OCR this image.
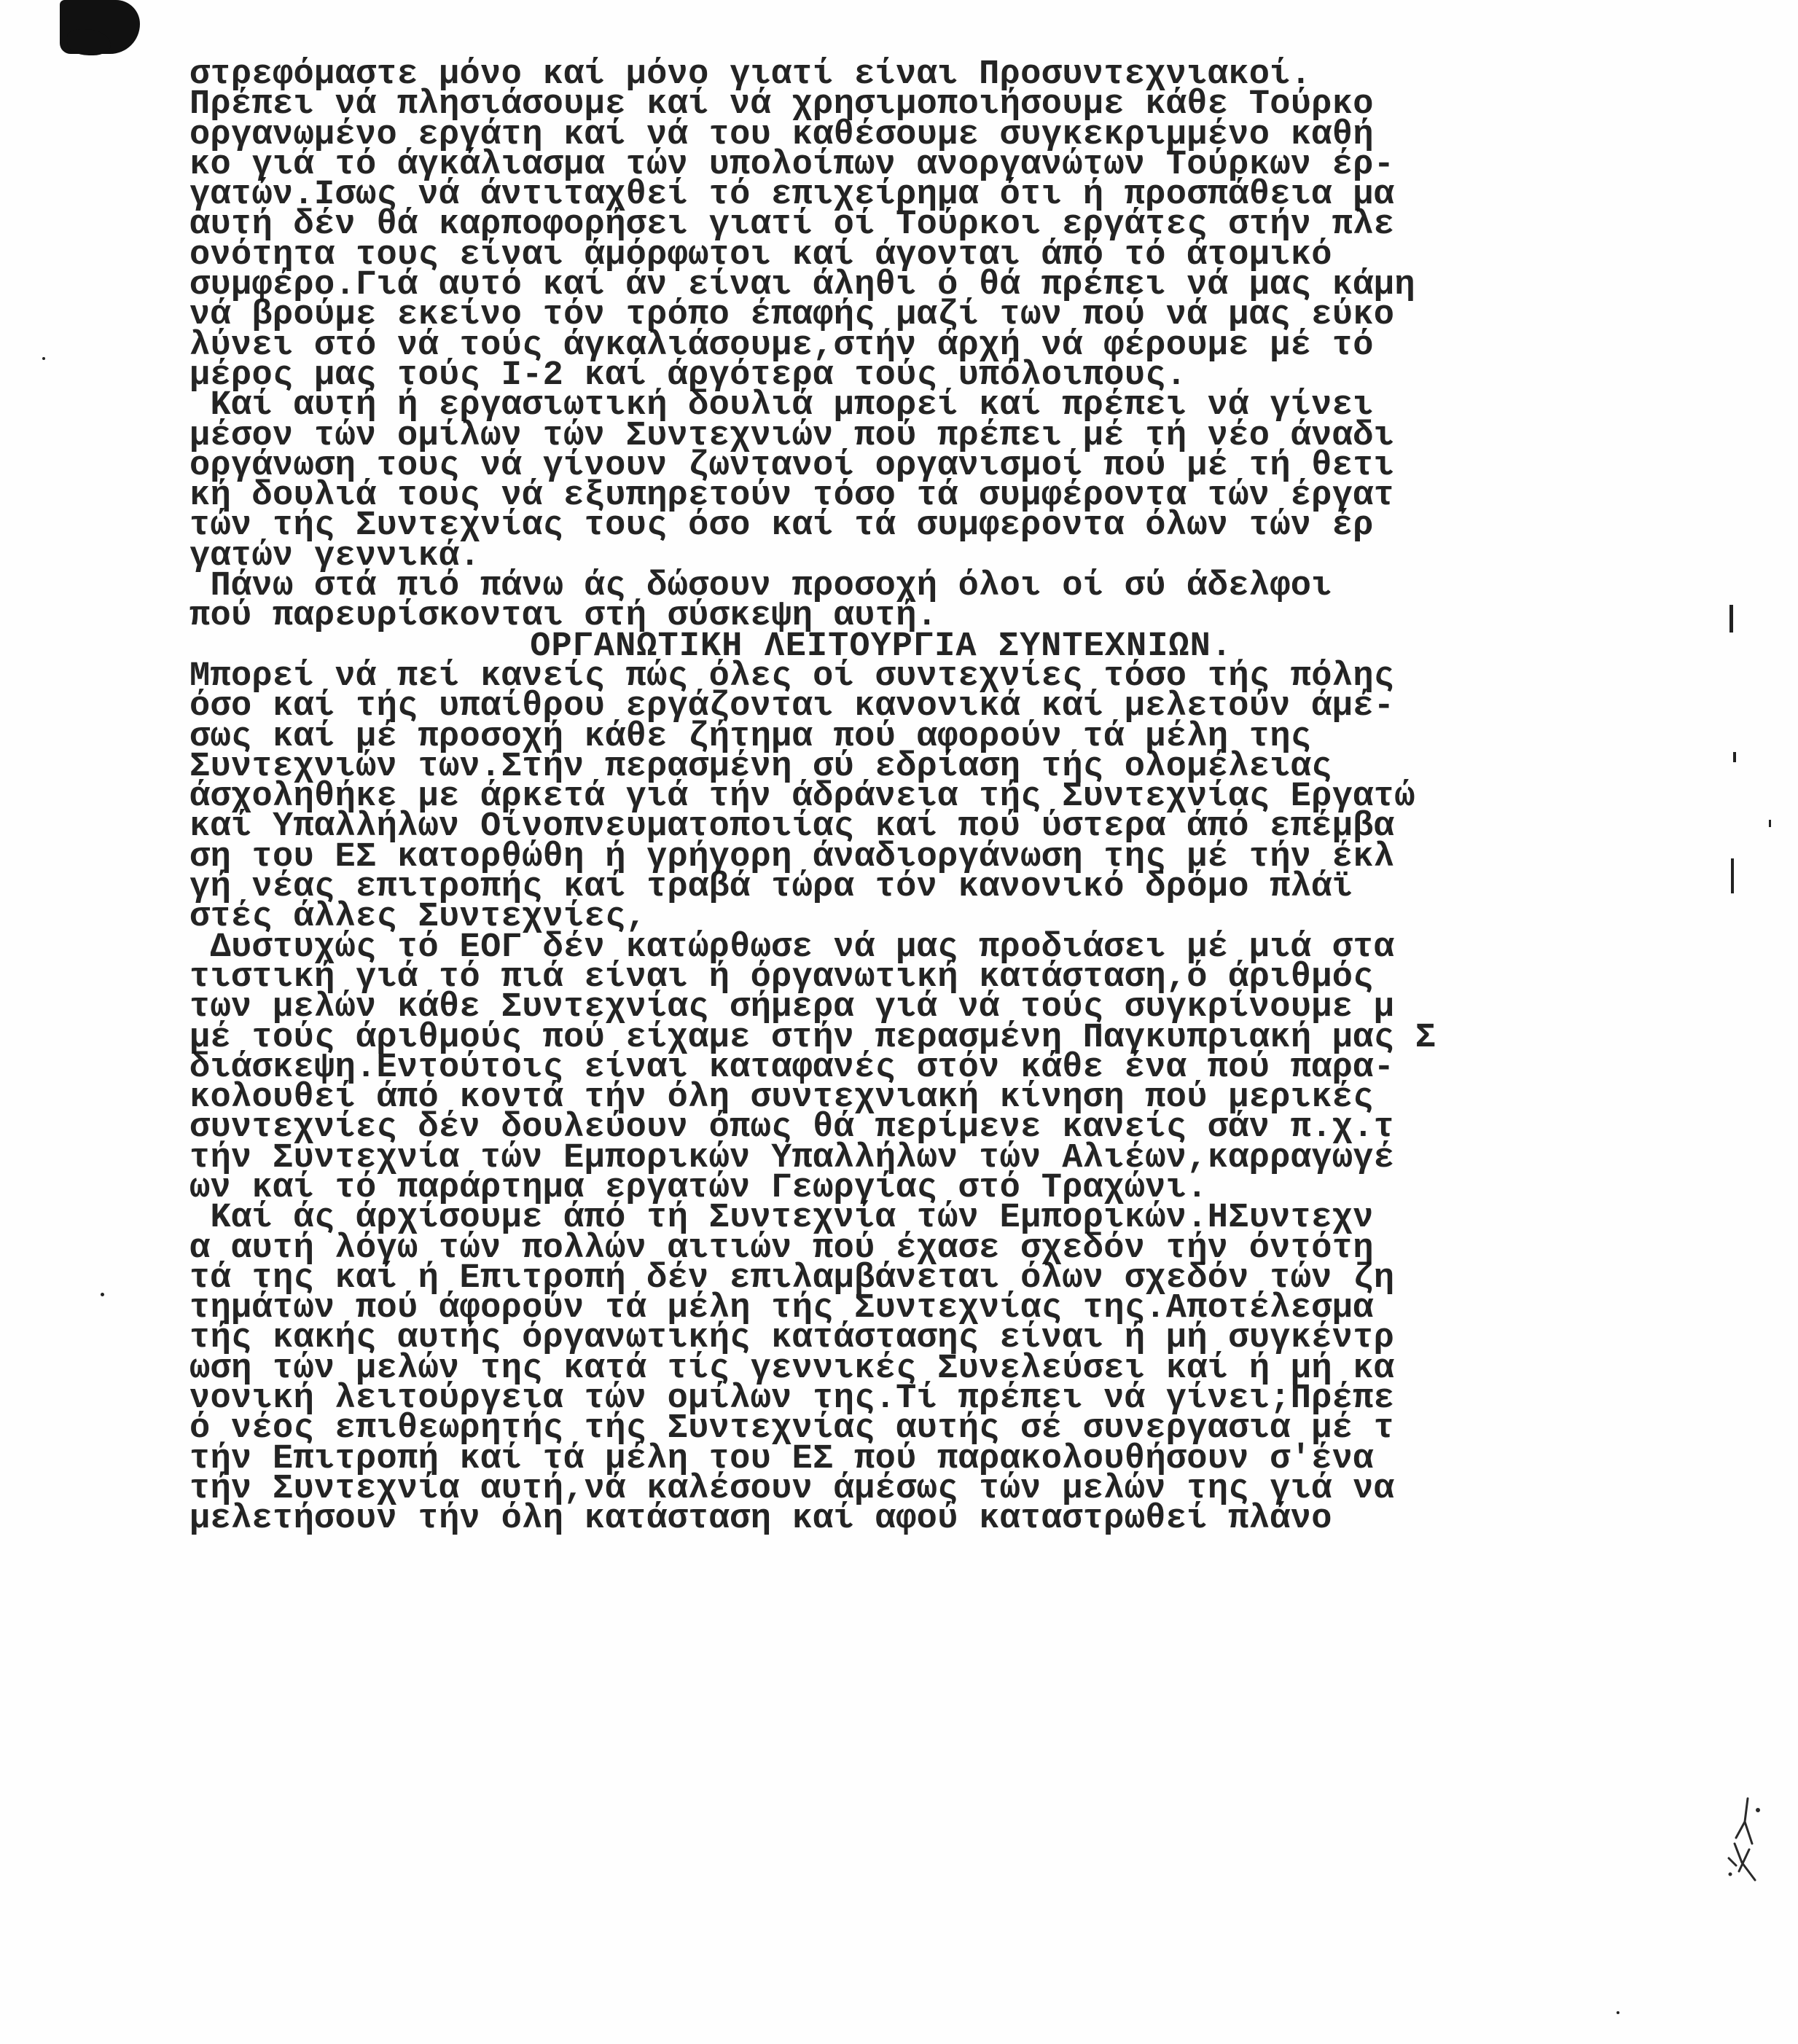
στρεφόμαστε μόνο καί μόνο γιατί είναι Προσυντεχνιακοί.
Πρέπει νά πλησιάσουμε καί νά χρησιμοποιήσουμε κάθε Τούρκο
οργανωμένο εργάτη καί νά του καθέσουμε συγκεκριμμένο καθή
κο γιά τό άγκάλιασμα τών υπολοίπων ανοργανώτων Τούρκων έρ-
γατών.Ισως νά άντιταχθεί τό επιχείρημα ότι ή προσπάθεια μα
αυτή δέν θά καρποφορήσει γιατί οί Τούρκοι εργάτες στήν πλε
ονότητα τους είναι άμόρφωτοι καί άγονται άπό τό άτομικό
συμφέρο.Γιά αυτό καί άν είναι άληθι ό θά πρέπει νά μας κάμη
νά βρούμε εκείνο τόν τρόπο έπαφής μαζί των πού νά μας εύκο
λύνει στό νά τούς άγκαλιάσουμε,στήν άρχή νά φέρουμε μέ τό
μέρος μας τούς Ι-2 καί άργότερα τούς υπόλοιπους.
Καί αυτή ή εργασιωτική δουλιά μπορεί καί πρέπει νά γίνει
μέσον τών ομίλων τών Συντεχνιών πού πρέπει μέ τή νέο άναδι
οργάνωση τους νά γίνουν ζωντανοί οργανισμοί πού μέ τή θετι
κή δουλιά τους νά εξυπηρετούν τόσο τά συμφέροντα τών έργατ
τών τής Συντεχνίας τους όσο καί τά συμφεροντα όλων τών έρ
γατών γεννικά.
Πάνω στά πιό πάνω άς δώσουν προσοχή όλοι οί σύ άδελφοι
πού παρευρίσκονται στή σύσκεψη αυτή.
ΟΡΓΑΝΩΤΙΚΗ ΛΕΙΤΟΥΡΓΙΑ ΣΥΝΤΕΧΝΙΩΝ.
Μπορεί νά πεί κανείς πώς όλες οί συντεχνίες τόσο τής πόλης
όσο καί τής υπαίθρου εργάζονται κανονικά καί μελετούν άμέ-
σως καί μέ προσοχή κάθε ζήτημα πού αφορούν τά μέλη της
Συντεχνιών των.Στήν περασμένη σύ εδρίαση τής ολομέλειας
άσχοληθήκε με άρκετά γιά τήν άδράνεια τής Συντεχνίας Εργατώ
καί Υπαλλήλων Οίνοπνευματοποιίας καί πού ύστερα άπό επέμβα
ση του ΕΣ κατορθώθη ή γρήγορη άναδιοργάνωση της μέ τήν έκλ
γή νέας επιτροπής καί τραβά τώρα τόν κανονικό δρόμο πλάϊ
στές άλλες Συντεχνίες,
Δυστυχώς τό ΕΟΓ δέν κατώρθωσε νά μας προδιάσει μέ μιά στα
τιστική γιά τό πιά είναι ή όργανωτική κατάσταση,ό άριθμός
των μελών κάθε Συντεχνίας σήμερα γιά νά τούς συγκρίνουμε μ
μέ τούς άριθμούς πού είχαμε στήν περασμένη Παγκυπριακή μας Σ
διάσκεψη.Εντούτοις είναι καταφανές στόν κάθε ένα πού παρα-
κολουθεί άπό κοντά τήν όλη συντεχνιακή κίνηση πού μερικές
συντεχνίες δέν δουλεύουν όπως θά περίμενε κανείς σάν π.χ.τ
τήν Συντεχνία τών Εμπορικών Υπαλλήλων τών Αλιέων,καρραγωγέ
ων καί τό παράρτημα εργατών Γεωργίας στό Τραχώνι.
Καί άς άρχίσουμε άπό τή Συντεχνία τών Εμπορικών.ΗΣυντεχν
α αυτή λόγω τών πολλών αιτιών πού έχασε σχεδόν τήν όντότη
τά της καί ή Επιτροπή δέν επιλαμβάνεται όλων σχεδόν τών ζη
τημάτων πού άφορούν τά μέλη τής Συντεχνίας της.Αποτέλεσμα
τής κακής αυτής όργανωτικής κατάστασης είναι ή μή συγκέντρ
ωση τών μελών της κατά τίς γεννικές Συνελεύσει καί ή μή κα
νονική λειτούργεια τών ομίλων της.Τί πρέπει νά γίνει;Πρέπε
ό νέος επιθεωρητής τής Συντεχνίας αυτής σέ συνεργασια μέ τ
τήν Επιτροπή καί τά μέλη του ΕΣ πού παρακολουθήσουν σ'ένα
τήν Συντεχνία αυτή,νά καλέσουν άμέσως τών μελών της γιά να
μελετήσουν τήν όλη κατάσταση καί αφού καταστρωθεί πλάνο
